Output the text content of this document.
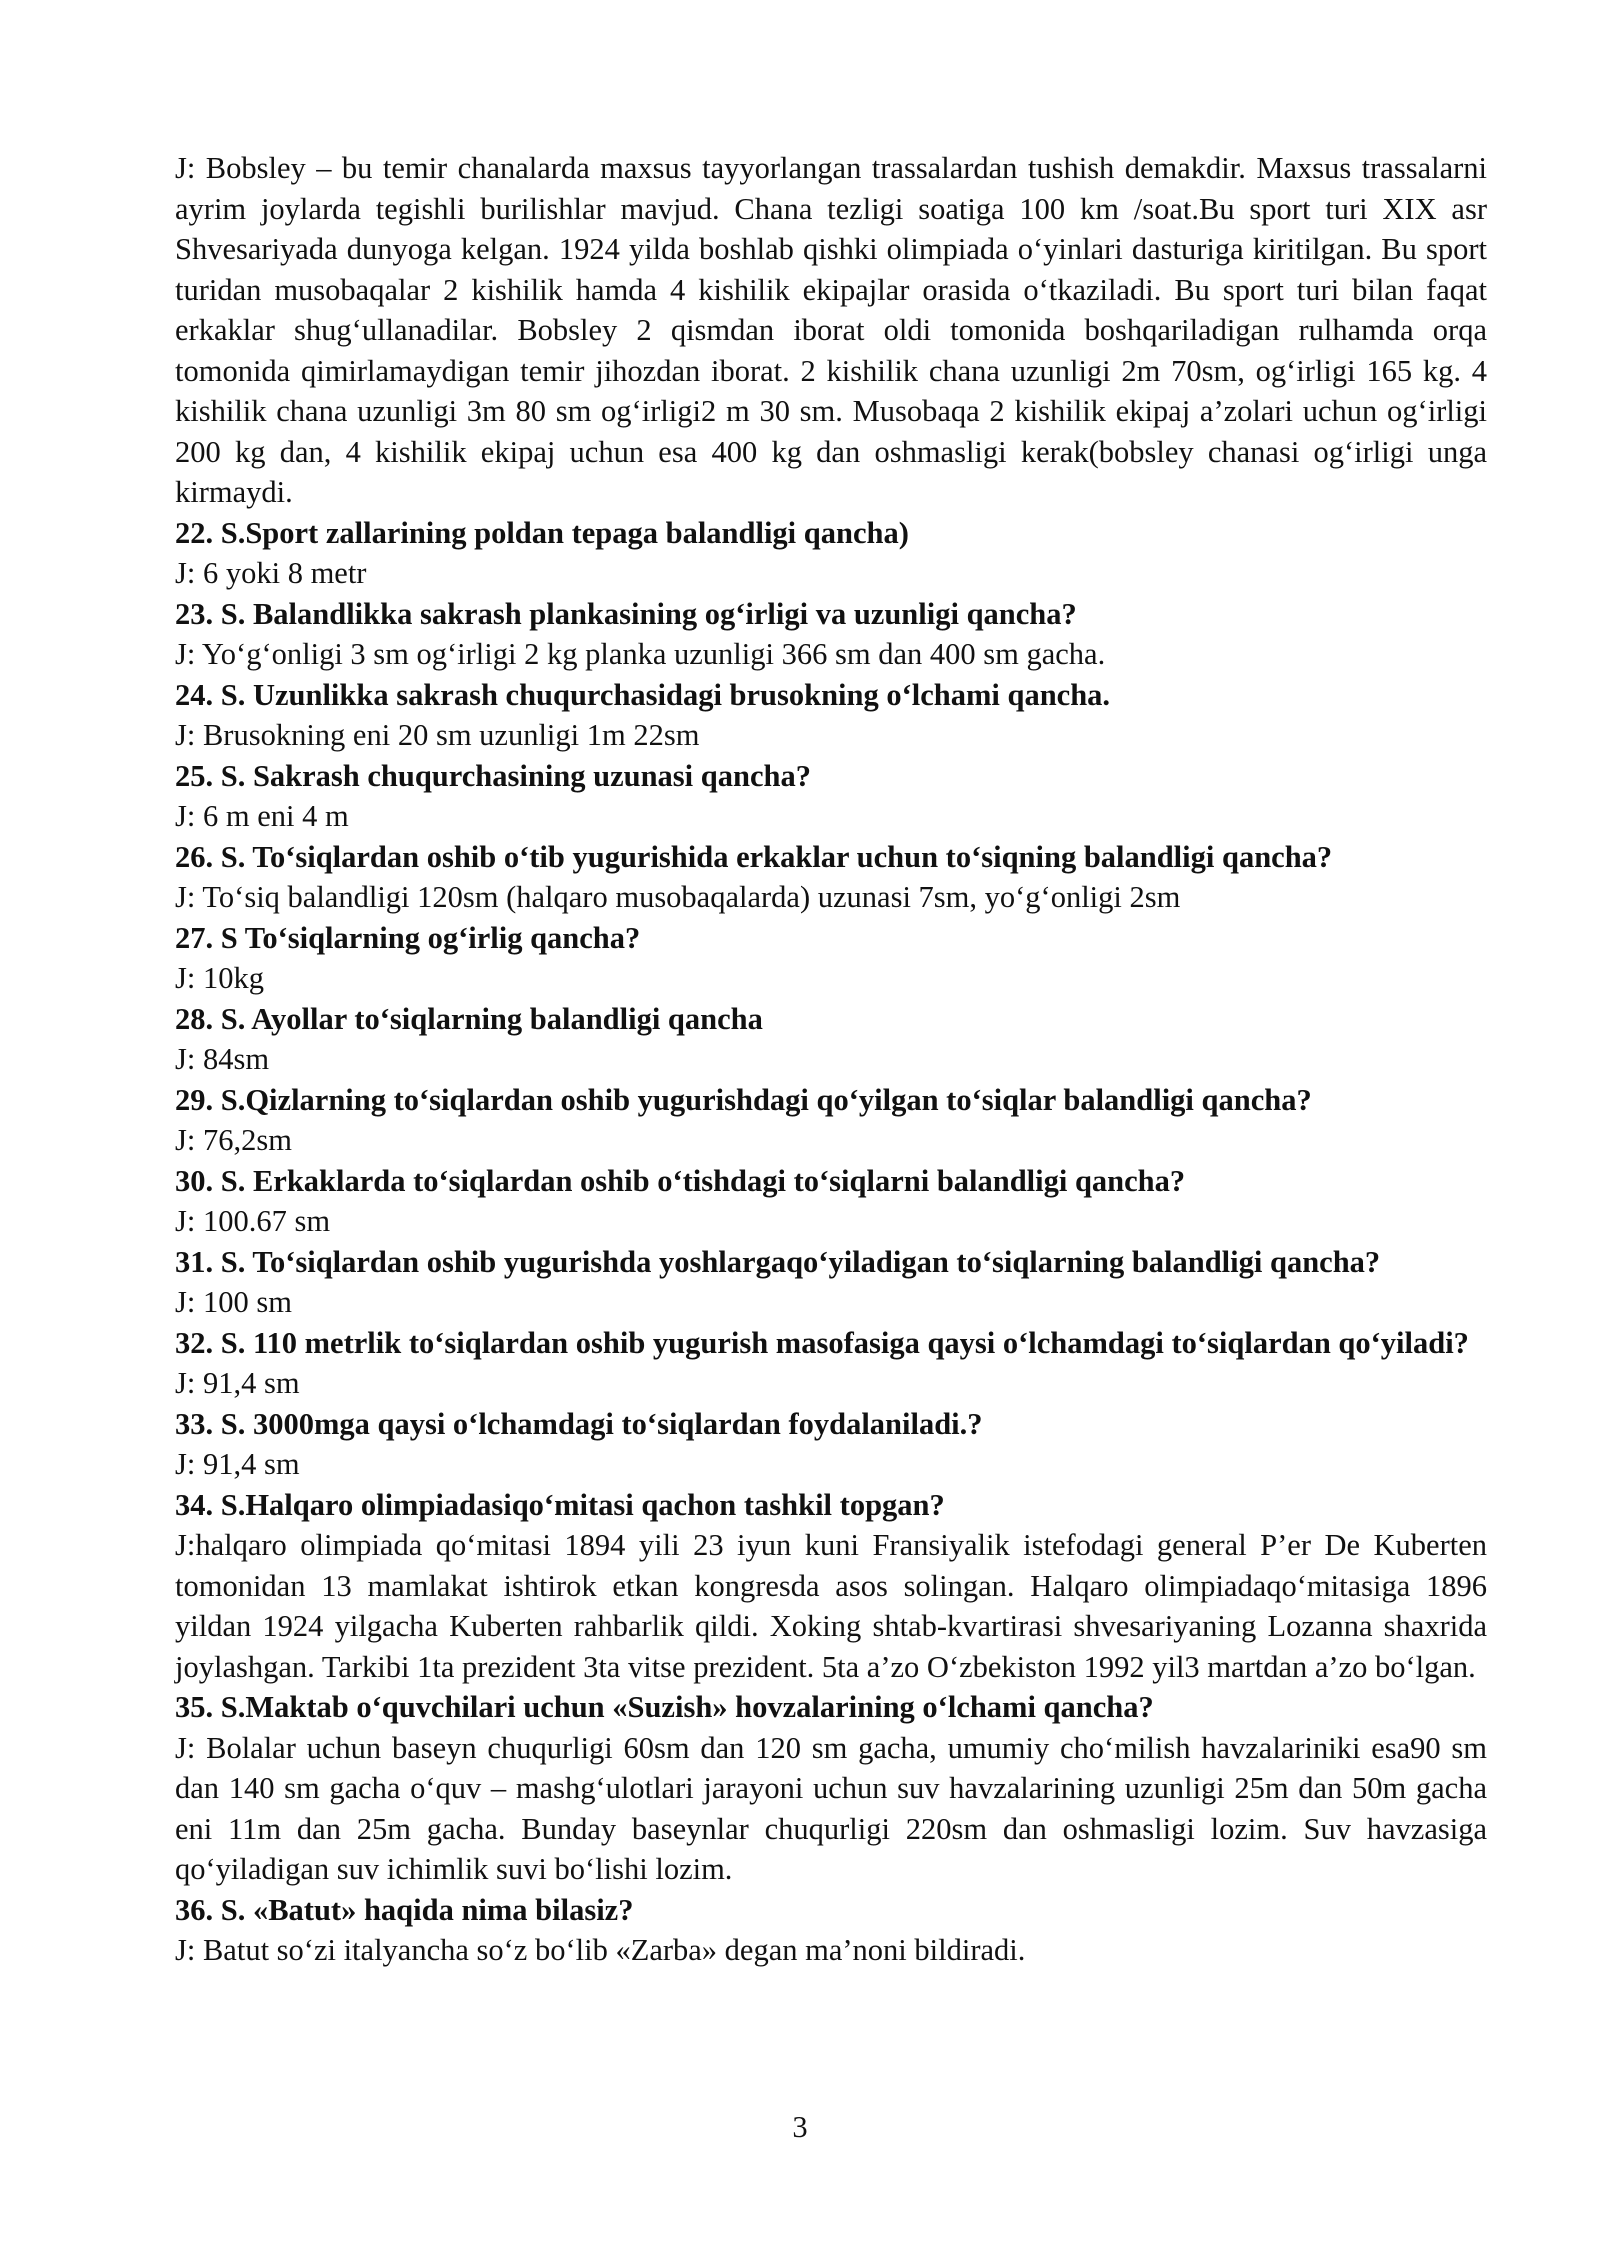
J: Bobsley – bu temir chanalarda maxsus tayyorlangan trassalardan tushish demakdir. Maxsus trassalarni ayrim joylarda tegishli burilishlar mavjud. Chana tezligi soatiga 100 km /soat.Bu sport turi XIX asr Shvesariyada dunyoga kelgan. 1924 yilda boshlab qishki olimpiada o‘yinlari dasturiga kiritilgan. Bu sport turidan musobaqalar 2 kishilik hamda 4 kishilik ekipajlar orasida o‘tkaziladi. Bu sport turi bilan faqat erkaklar shug‘ullanadilar. Bobsley 2 qismdan iborat oldi tomonida boshqariladigan rulhamda orqa tomonida qimirlamaydigan temir jihozdan iborat. 2 kishilik chana uzunligi 2m 70sm, og‘irligi 165 kg. 4 kishilik chana uzunligi 3m 80 sm og‘irligi2 m 30 sm. Musobaqa 2 kishilik ekipaj a’zolari uchun og‘irligi 200 kg dan, 4 kishilik ekipaj uchun esa 400 kg dan oshmasligi kerak(bobsley chanasi og‘irligi unga kirmaydi.

22. S.Sport zallarining poldan tepaga balandligi qancha)

J: 6 yoki 8 metr

23. S. Balandlikka sakrash plankasining og‘irligi va uzunligi qancha?

J: Yo‘g‘onligi 3 sm og‘irligi 2 kg planka uzunligi 366 sm dan 400 sm gacha.

24. S. Uzunlikka sakrash chuqurchasidagi brusokning o‘lchami qancha.

J: Brusokning eni 20 sm uzunligi 1m 22sm

25. S. Sakrash chuqurchasining uzunasi qancha?

J: 6 m eni 4 m

26. S. To‘siqlardan oshib o‘tib yugurishida erkaklar uchun to‘siqning balandligi qancha?

J: To‘siq balandligi 120sm (halqaro musobaqalarda) uzunasi 7sm, yo‘g‘onligi 2sm

27. S To‘siqlarning og‘irlig qancha?

J: 10kg

28. S. Ayollar to‘siqlarning balandligi qancha

J: 84sm

29. S.Qizlarning to‘siqlardan oshib yugurishdagi qo‘yilgan to‘siqlar balandligi qancha?

J: 76,2sm

30. S. Erkaklarda to‘siqlardan oshib o‘tishdagi to‘siqlarni balandligi qancha?

J: 100.67 sm

31. S. To‘siqlardan oshib yugurishda yoshlargaqo‘yiladigan to‘siqlarning balandligi qancha?

J: 100 sm

32. S. 110 metrlik to‘siqlardan oshib yugurish masofasiga qaysi o‘lchamdagi to‘siqlardan qo‘yiladi?

J: 91,4 sm

33. S. 3000mga qaysi o‘lchamdagi to‘siqlardan foydalaniladi.?

J: 91,4 sm

34. S.Halqaro olimpiadasiqo‘mitasi qachon tashkil topgan?

J:halqaro olimpiada qo‘mitasi 1894 yili 23 iyun kuni Fransiyalik istefodagi general P’er De Kuberten tomonidan 13 mamlakat ishtirok etkan kongresda asos solingan. Halqaro olimpiadaqo‘mitasiga 1896 yildan 1924 yilgacha Kuberten rahbarlik qildi. Xoking shtab-kvartirasi shvesariyaning Lozanna shaxrida joylashgan. Tarkibi 1ta prezident 3ta vitse prezident. 5ta a’zo O‘zbekiston 1992 yil3 martdan a’zo bo‘lgan.

35. S.Maktab o‘quvchilari uchun «Suzish» hovzalarining o‘lchami qancha?

J: Bolalar uchun baseyn chuqurligi 60sm dan 120 sm gacha, umumiy cho‘milish havzalariniki esa90 sm dan 140 sm gacha o‘quv – mashg‘ulotlari jarayoni uchun suv havzalarining uzunligi 25m dan 50m gacha eni 11m dan 25m gacha. Bunday baseynlar chuqurligi 220sm dan oshmasligi lozim. Suv havzasiga qo‘yiladigan suv ichimlik suvi bo‘lishi lozim.

36. S. «Batut» haqida nima bilasiz?

J: Batut so‘zi italyancha so‘z bo‘lib «Zarba» degan ma’noni bildiradi.

3
